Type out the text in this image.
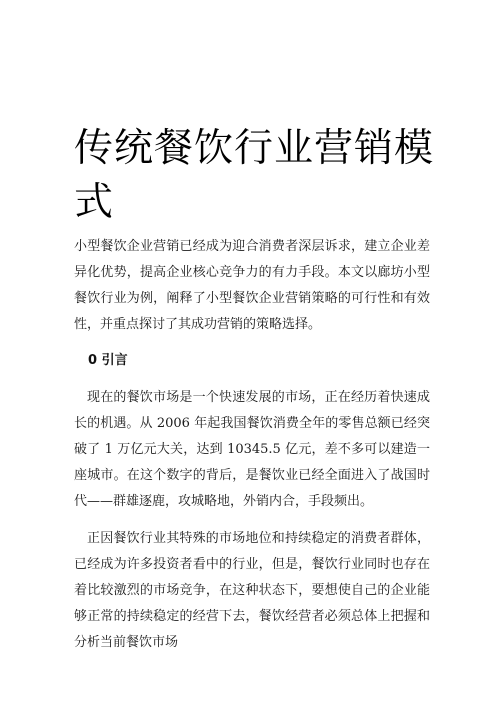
传统餐饮行业营销模式

小型餐饮企业营销已经成为迎合消费者深层诉求，建立企业差异化优势，提高企业核心竞争力的有力手段。本文以廊坊小型餐饮行业为例，阐释了小型餐饮企业营销策略的可行性和有效性，并重点探讨了其成功营销的策略选择。

0 引言

现在的餐饮市场是一个快速发展的市场，正在经历着快速成长的机遇。从 2006 年起我国餐饮消费全年的零售总额已经突破了 1 万亿元大关，达到 10345.5 亿元，差不多可以建造一座城市。在这个数字的背后，是餐饮业已经全面进入了战国时代——群雄逐鹿，攻城略地，外销内合，手段频出。

正因餐饮行业其特殊的市场地位和持续稳定的消费者群体，已经成为许多投资者看中的行业，但是，餐饮行业同时也存在着比较激烈的市场竞争，在这种状态下，要想使自己的企业能够正常的持续稳定的经营下去，餐饮经营者必须总体上把握和分析当前餐饮市场
